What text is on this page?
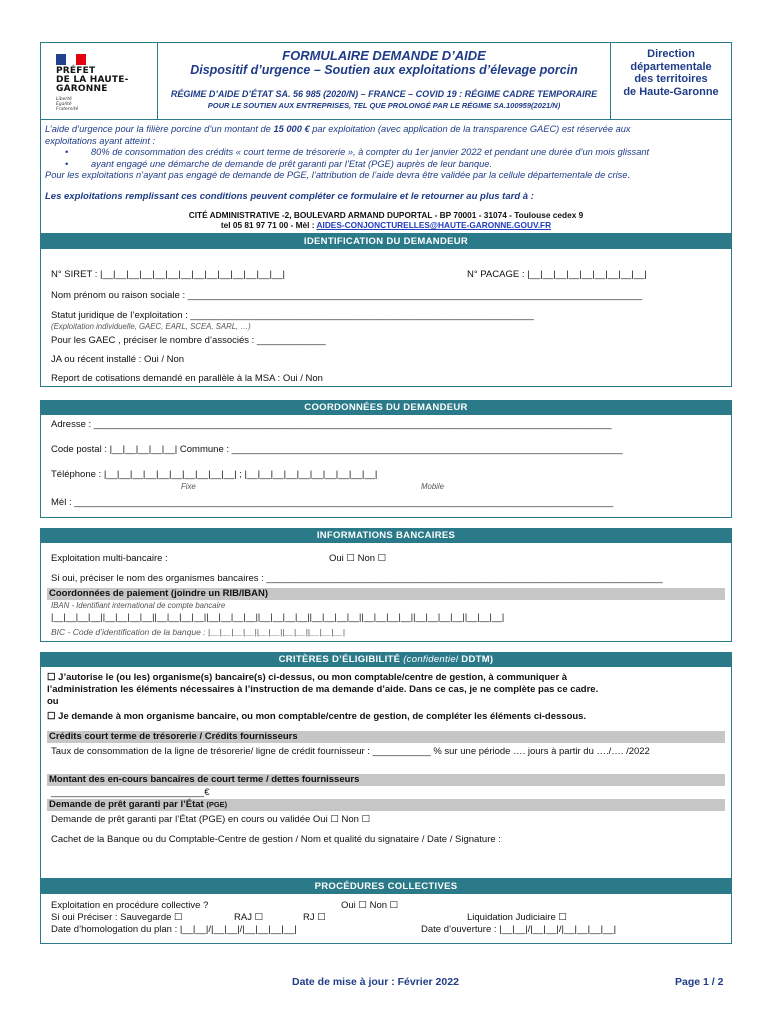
PRÉFET
DE LA HAUTE-
GARONNE
Liberté
Égalité
Fraternité
FORMULAIRE DEMANDE D’AIDE
Dispositif d’urgence – Soutien aux exploitations d’élevage porcin
RÉGIME D’AIDE D’ÉTAT SA. 56 985 (2020/N) – FRANCE – COVID 19 : RÉGIME CADRE TEMPORAIRE
POUR LE SOUTIEN AUX ENTREPRISES, TEL QUE PROLONGÉ PAR LE RÉGIME SA.100959(2021/N)
Direction
départementale
des territoires
de Haute-Garonne
L’aide d’urgence pour la filière porcine d’un montant de 15 000 € par exploitation (avec application de la transparence GAEC) est réservée aux
exploitations ayant atteint :
• 80% de consommation des crédits « court terme de trésorerie », à compter du 1er janvier 2022 et pendant une durée d’un mois glissant
• ayant engagé une démarche de demande de prêt garanti par l’Etat (PGE) auprès de leur banque.
Pour les exploitations n’ayant pas engagé de demande de PGE, l’attribution de l’aide devra être validée par la cellule départementale de crise.
Les exploitations remplissant ces conditions peuvent compléter ce formulaire et le retourner au plus tard à :
CITÉ ADMINISTRATIVE -2, BOULEVARD ARMAND DUPORTAL - BP 70001 - 31074 - Toulouse cedex 9
tel 05 81 97 71 00 - Mèl : AIDES-CONJONCTURELLES@HAUTE-GARONNE.GOUV.FR
IDENTIFICATION DU DEMANDEUR
N° SIRET : |__|__|__|__|__|__|__|__|__|__|__|__|__|__|	N° PACAGE : |__|__|__|__|__|__|__|__|__|
Nom prénom ou raison sociale : ______________________________________________________________________________________
Statut juridique de l’exploitation : _________________________________________________________________
(Exploitation individuelle, GAEC, EARL, SCEA, SARL, …)
Pour les GAEC , préciser le nombre d’associés : _____________
JA ou récent installé : Oui / Non
Report de cotisations demandé en parallèle à la MSA : Oui / Non
COORDONNÉES DU DEMANDEUR
Adresse : __________________________________________________________________________________________________
Code postal : |__|__|__|__|__| Commune : __________________________________________________________________________
Téléphone : |__|__|__|__|__|__|__|__|__|__| ; |__|__|__|__|__|__|__|__|__|__|
Fixe	Mobile
Mél : ______________________________________________________________________________________________________
INFORMATIONS BANCAIRES
Exploitation multi-bancaire :	Oui ☐ Non ☐
Si oui, préciser le nom des organismes bancaires : ___________________________________________________________________________
Coordonnées de paiement (joindre un RIB/IBAN)
IBAN - Identifiant international de compte bancaire
|__|__|__|__||__|__|__|__||__|__|__|__||__|__|__|__||__|__|__|__||__|__|__|__||__|__|__|__||__|__|__|__||__|__|__|
BIC - Code d’identification de la banque : |__|__|__|__||__|__||__|__||__|__|__|
CRITÈRES D’ÉLIGIBILITÉ (confidentiel DDTM)
☐ J’autorise le (ou les) organisme(s) bancaire(s) ci-dessus, ou mon comptable/centre de gestion, à communiquer à
l’administration les éléments nécessaires à l’instruction de ma demande d’aide. Dans ce cas, je ne complète pas ce cadre.
ou
☐ Je demande à mon organisme bancaire, ou mon comptable/centre de gestion, de compléter les éléments ci-dessous.
Crédits court terme de trésorerie / Crédits fournisseurs
Taux de consommation de la ligne de trésorerie/ ligne de crédit fournisseur : ___________ % sur une période …. jours à partir du …./…. /2022
Montant des en-cours bancaires de court terme / dettes fournisseurs
_____________________________€
Demande de prêt garanti par l’État (PGE)
Demande de prêt garanti par l’État (PGE) en cours ou validée Oui ☐ Non ☐
Cachet de la Banque ou du Comptable-Centre de gestion / Nom et qualité du signataire / Date / Signature :
PROCÉDURES COLLECTIVES
Exploitation en procédure collective ?	Oui ☐ Non ☐
Si oui Préciser : Sauvegarde ☐	RAJ ☐	RJ ☐	Liquidation Judiciaire ☐
Date d’homologation du plan : |__|__|/|__|__|/|__|__|__|__|	Date d’ouverture : |__|__|/|__|__|/|__|__|__|__|
Date de mise à jour : Février 2022	Page 1 / 2
